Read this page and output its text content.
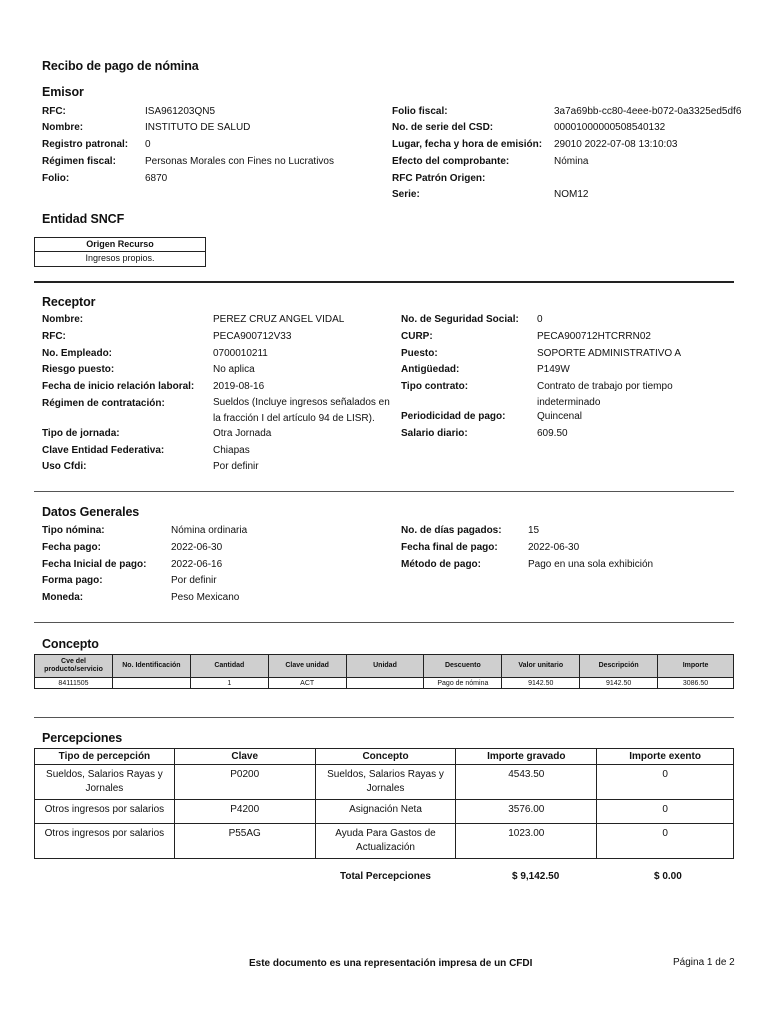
Recibo de pago de nómina
Emisor
RFC:	ISA961203QN5
Nombre:	INSTITUTO DE SALUD
Registro patronal: 0
Régimen fiscal:	Personas Morales con Fines no Lucrativos
Folio:	6870
Folio fiscal:	3a7a69bb-cc80-4eee-b072-0a3325ed5df6
No. de serie del CSD:	00001000000508540132
Lugar, fecha y hora de emisión: 29010 2022-07-08 13:10:03
Efecto del comprobante:	Nómina
RFC Patrón Origen:
Serie:	NOM12
Entidad SNCF
Origen Recurso
Ingresos propios.
Receptor
Nombre:	PEREZ CRUZ ANGEL VIDAL
RFC:	PECA900712V33
No. Empleado:	0700010211
Riesgo puesto:	No aplica
Fecha de inicio relación laboral: 2019-08-16
Régimen de contratación:	Sueldos (Incluye ingresos señalados en la fracción I del artículo 94 de LISR).
Tipo de jornada:	Otra Jornada
Clave Entidad Federativa:	Chiapas
Uso Cfdi:	Por definir
No. de Seguridad Social: 0
CURP:	PECA900712HTCRRN02
Puesto:	SOPORTE ADMINISTRATIVO A
Antigüedad:	P149W
Tipo contrato:	Contrato de trabajo por tiempo indeterminado
Periodicidad de pago:	Quincenal
Salario diario:	609.50
Datos Generales
Tipo nómina:	Nómina ordinaria
Fecha pago:	2022-06-30
Fecha Inicial de pago: 2022-06-16
Forma pago:	Por definir
Moneda:	Peso Mexicano
No. de días pagados:	15
Fecha final de pago:	2022-06-30
Método de pago:	Pago en una sola exhibición
Concepto
Cve del producto/servicio	No. Identificación	Cantidad	Clave unidad	Unidad	Descuento	Valor unitario	Descripción	Importe
84111505		1	ACT		Pago de nómina	9142.50	9142.50	3086.50
Percepciones
Tipo de percepción	Clave	Concepto	Importe gravado	Importe exento
Sueldos, Salarios Rayas y Jornales	P0200	Sueldos, Salarios Rayas y Jornales	4543.50	0
Otros ingresos por salarios	P4200	Asignación Neta	3576.00	0
Otros ingresos por salarios	P55AG	Ayuda Para Gastos de Actualización	1023.00	0
Total Percepciones	$ 9,142.50	$ 0.00
Este documento es una representación impresa de un CFDI	Página 1 de 2
